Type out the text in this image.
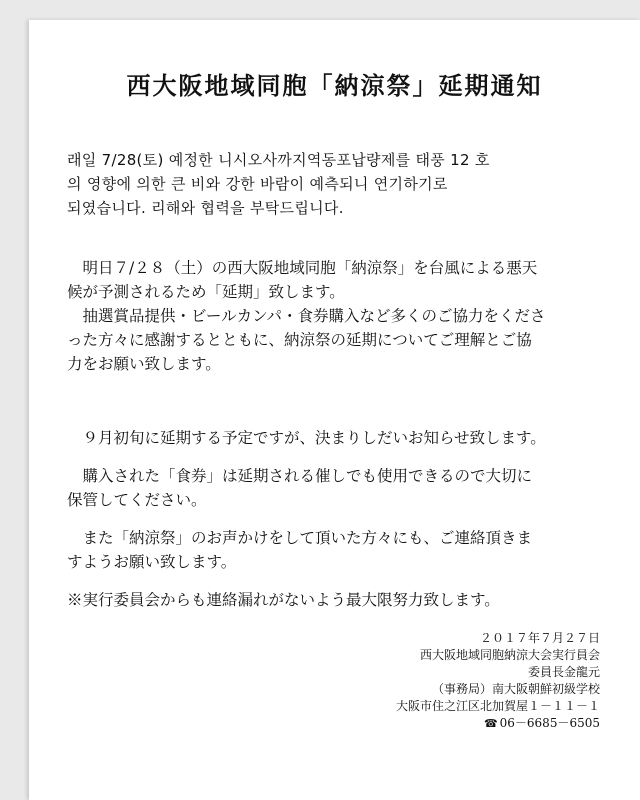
西大阪地域同胞「納涼祭」延期通知

래일 7/28(토) 예정한 니시오사까지역동포납량제를 태풍 12 호
의 영향에 의한 큰 비와 강한 바람이 예측되니 연기하기로
되였습니다. 리해와 협력을 부탁드립니다.

　明日７/２８（土）の西大阪地域同胞「納涼祭」を台風による悪天
候が予測されるため「延期」致します。

　抽選賞品提供・ビールカンパ・食券購入など多くのご協力をくださ
った方々に感謝するとともに、納涼祭の延期についてご理解とご協
力をお願い致します。

　９月初旬に延期する予定ですが、決まりしだいお知らせ致します。

　購入された「食券」は延期される催しでも使用できるので大切に
保管してください。

　また「納涼祭」のお声かけをして頂いた方々にも、ご連絡頂きま
すようお願い致します。

※実行委員会からも連絡漏れがないよう最大限努力致します。

２０１７年７月２７日
西大阪地域同胞納涼大会実行員会
委員長金龍元
（事務局）南大阪朝鮮初級学校
大阪市住之江区北加賀屋１－１１－１
☎ 06－6685－6505
